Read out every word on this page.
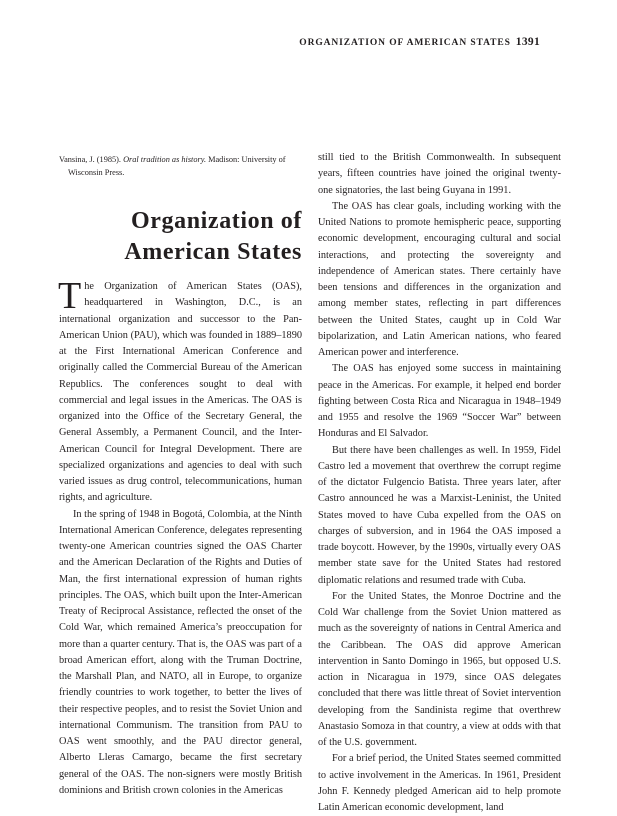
ORGANIZATION OF AMERICAN STATES 1391
Vansina, J. (1985). Oral tradition as history. Madison: University of Wisconsin Press.
Organization of
American States

The Organization of American States (OAS), headquartered in Washington, D.C., is an international organization and successor to the Pan-American Union (PAU), which was founded in 1889–1890 at the First International American Conference and originally called the Commercial Bureau of the American Republics. The conferences sought to deal with commercial and legal issues in the Americas. The OAS is organized into the Office of the Secretary General, the General Assembly, a Permanent Council, and the Inter-American Council for Integral Development. There are specialized organizations and agencies to deal with such varied issues as drug control, telecommunications, human rights, and agriculture.

In the spring of 1948 in Bogotá, Colombia, at the Ninth International American Conference, delegates representing twenty-one American countries signed the OAS Charter and the American Declaration of the Rights and Duties of Man, the first international expression of human rights principles. The OAS, which built upon the Inter-American Treaty of Reciprocal Assistance, reflected the onset of the Cold War, which remained America’s preoccupation for more than a quarter century. That is, the OAS was part of a broad American effort, along with the Truman Doctrine, the Marshall Plan, and NATO, all in Europe, to organize friendly countries to work together, to better the lives of their respective peoples, and to resist the Soviet Union and international Communism. The transition from PAU to OAS went smoothly, and the PAU director general, Alberto Lleras Camargo, became the first secretary general of the OAS. The non-signers were mostly British dominions and British crown colonies in the Americas

still tied to the British Commonwealth. In subsequent years, fifteen countries have joined the original twenty-one signatories, the last being Guyana in 1991.

The OAS has clear goals, including working with the United Nations to promote hemispheric peace, supporting economic development, encouraging cultural and social interactions, and protecting the sovereignty and independence of American states. There certainly have been tensions and differences in the organization and among member states, reflecting in part differences between the United States, caught up in Cold War bipolarization, and Latin American nations, who feared American power and interference.

The OAS has enjoyed some success in maintaining peace in the Americas. For example, it helped end border fighting between Costa Rica and Nicaragua in 1948–1949 and 1955 and resolve the 1969 “Soccer War” between Honduras and El Salvador.

But there have been challenges as well. In 1959, Fidel Castro led a movement that overthrew the corrupt regime of the dictator Fulgencio Batista. Three years later, after Castro announced he was a Marxist-Leninist, the United States moved to have Cuba expelled from the OAS on charges of subversion, and in 1964 the OAS imposed a trade boycott. However, by the 1990s, virtually every OAS member state save for the United States had restored diplomatic relations and resumed trade with Cuba.

For the United States, the Monroe Doctrine and the Cold War challenge from the Soviet Union mattered as much as the sovereignty of nations in Central America and the Caribbean. The OAS did approve American intervention in Santo Domingo in 1965, but opposed U.S. action in Nicaragua in 1979, since OAS delegates concluded that there was little threat of Soviet intervention developing from the Sandinista regime that overthrew Anastasio Somoza in that country, a view at odds with that of the U.S. government.

For a brief period, the United States seemed committed to active involvement in the Americas. In 1961, President John F. Kennedy pledged American aid to help promote Latin American economic development, land
